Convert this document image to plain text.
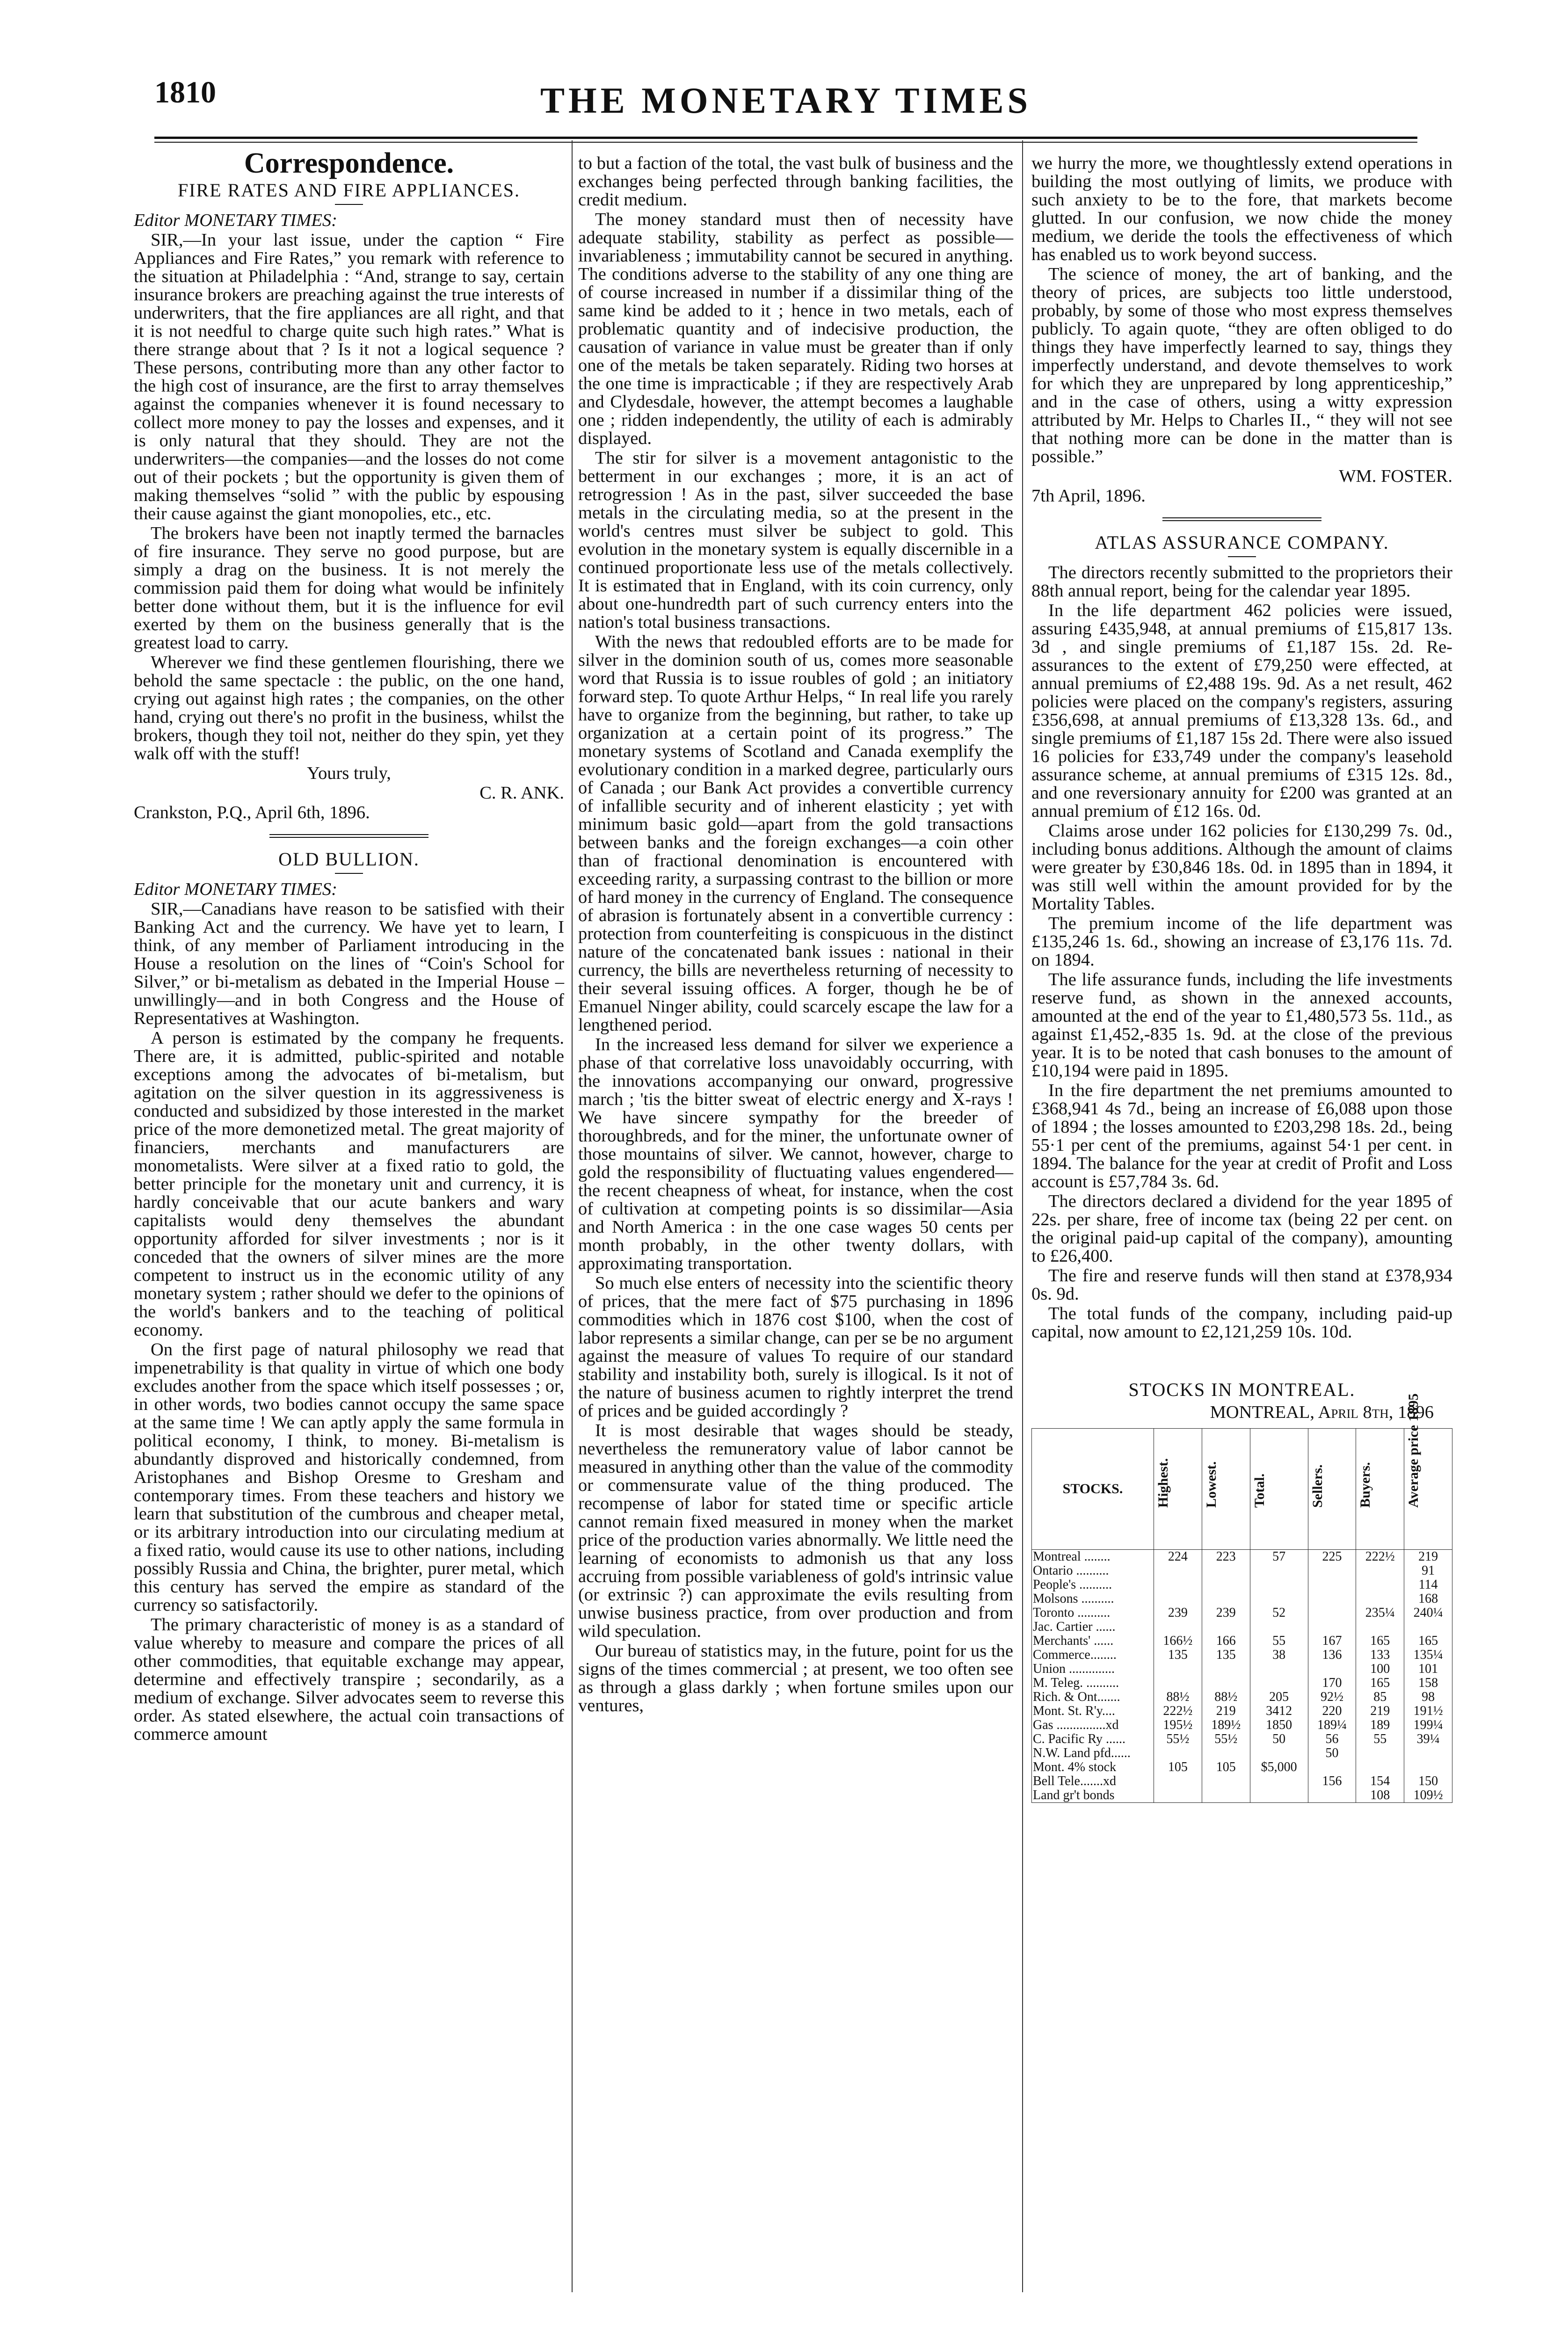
1810	THE MONETARY TIMES
Correspondence.
FIRE RATES AND FIRE APPLIANCES.

Editor MONETARY TIMES:

SIR,—In your last issue, under the caption “ Fire Appliances and Fire Rates,” you remark with reference to the situation at Philadelphia : “And, strange to say, certain insurance brokers are preaching against the true interests of underwriters, that the fire appliances are all right, and that it is not needful to charge quite such high rates.” What is there strange about that ? Is it not a logical sequence ? These persons, contributing more than any other factor to the high cost of insurance, are the first to array themselves against the companies whenever it is found necessary to collect more money to pay the losses and expenses, and it is only natural that they should. They are not the underwriters—the companies—and the losses do not come out of their pockets ; but the opportunity is given them of making themselves “solid ” with the public by espousing their cause against the giant monopolies, etc., etc.

The brokers have been not inaptly termed the barnacles of fire insurance. They serve no good purpose, but are simply a drag on the business. It is not merely the commission paid them for doing what would be infinitely better done without them, but it is the influence for evil exerted by them on the business generally that is the greatest load to carry.

Wherever we find these gentlemen flourishing, there we behold the same spectacle : the public, on the one hand, crying out against high rates ; the companies, on the other hand, crying out there's no profit in the business, whilst the brokers, though they toil not, neither do they spin, yet they walk off with the stuff!

Yours truly,

C. R. ANK.

Crankston, P.Q., April 6th, 1896.

OLD BULLION.

Editor MONETARY TIMES:

SIR,—Canadians have reason to be satisfied with their Banking Act and the currency. We have yet to learn, I think, of any member of Parliament introducing in the House a resolution on the lines of “Coin's School for Silver,” or bi-metalism as debated in the Imperial House – unwillingly—and in both Congress and the House of Representatives at Washington.

A person is estimated by the company he frequents. There are, it is admitted, public-spirited and notable exceptions among the advocates of bi-metalism, but agitation on the silver question in its aggressiveness is conducted and subsidized by those interested in the market price of the more demonetized metal. The great majority of financiers, merchants and manufacturers are monometalists. Were silver at a fixed ratio to gold, the better principle for the monetary unit and currency, it is hardly conceivable that our acute bankers and wary capitalists would deny themselves the abundant opportunity afforded for silver investments ; nor is it conceded that the owners of silver mines are the more competent to instruct us in the economic utility of any monetary system ; rather should we defer to the opinions of the world's bankers and to the teaching of political economy.

On the first page of natural philosophy we read that impenetrability is that quality in virtue of which one body excludes another from the space which itself possesses ; or, in other words, two bodies cannot occupy the same space at the same time ! We can aptly apply the same formula in political economy, I think, to money. Bi-metalism is abundantly disproved and historically condemned, from Aristophanes and Bishop Oresme to Gresham and contemporary times. From these teachers and history we learn that substitution of the cumbrous and cheaper metal, or its arbitrary introduction into our circulating medium at a fixed ratio, would cause its use to other nations, including possibly Russia and China, the brighter, purer metal, which this century has served the empire as standard of the currency so satisfactorily.

The primary characteristic of money is as a standard of value whereby to measure and compare the prices of all other commodities, that equitable exchange may appear, determine and effectively transpire ; secondarily, as a medium of exchange. Silver advocates seem to reverse this order. As stated elsewhere, the actual coin transactions of commerce amount

to but a faction of the total, the vast bulk of business and the exchanges being perfected through banking facilities, the credit medium.

The money standard must then of necessity have adequate stability, stability as perfect as possible—invariableness ; immutability cannot be secured in anything. The conditions adverse to the stability of any one thing are of course increased in number if a dissimilar thing of the same kind be added to it ; hence in two metals, each of problematic quantity and of indecisive production, the causation of variance in value must be greater than if only one of the metals be taken separately. Riding two horses at the one time is impracticable ; if they are respectively Arab and Clydesdale, however, the attempt becomes a laughable one ; ridden independently, the utility of each is admirably displayed.

The stir for silver is a movement antagonistic to the betterment in our exchanges ; more, it is an act of retrogression ! As in the past, silver succeeded the base metals in the circulating media, so at the present in the world's centres must silver be subject to gold. This evolution in the monetary system is equally discernible in a continued proportionate less use of the metals collectively. It is estimated that in England, with its coin currency, only about one-hundredth part of such currency enters into the nation's total business transactions.

With the news that redoubled efforts are to be made for silver in the dominion south of us, comes more seasonable word that Russia is to issue roubles of gold ; an initiatory forward step. To quote Arthur Helps, “ In real life you rarely have to organize from the beginning, but rather, to take up organization at a certain point of its progress.” The monetary systems of Scotland and Canada exemplify the evolutionary condition in a marked degree, particularly ours of Canada ; our Bank Act provides a convertible currency of infallible security and of inherent elasticity ; yet with minimum basic gold—apart from the gold transactions between banks and the foreign exchanges—a coin other than of fractional denomination is encountered with exceeding rarity, a surpassing contrast to the billion or more of hard money in the currency of England. The consequence of abrasion is fortunately absent in a convertible currency : protection from counterfeiting is conspicuous in the distinct nature of the concatenated bank issues : national in their currency, the bills are nevertheless returning of necessity to their several issuing offices. A forger, though he be of Emanuel Ninger ability, could scarcely escape the law for a lengthened period.

In the increased less demand for silver we experience a phase of that correlative loss unavoidably occurring, with the innovations accompanying our onward, progressive march ; 'tis the bitter sweat of electric energy and X-rays ! We have sincere sympathy for the breeder of thoroughbreds, and for the miner, the unfortunate owner of those mountains of silver. We cannot, however, charge to gold the responsibility of fluctuating values engendered—the recent cheapness of wheat, for instance, when the cost of cultivation at competing points is so dissimilar—Asia and North America : in the one case wages 50 cents per month probably, in the other twenty dollars, with approximating transportation.

So much else enters of necessity into the scientific theory of prices, that the mere fact of $75 purchasing in 1896 commodities which in 1876 cost $100, when the cost of labor represents a similar change, can per se be no argument against the measure of values To require of our standard stability and instability both, surely is illogical. Is it not of the nature of business acumen to rightly interpret the trend of prices and be guided accordingly ?

It is most desirable that wages should be steady, nevertheless the remuneratory value of labor cannot be measured in anything other than the value of the commodity or commensurate value of the thing produced. The recompense of labor for stated time or specific article cannot remain fixed measured in money when the market price of the production varies abnormally. We little need the learning of economists to admonish us that any loss accruing from possible variableness of gold's intrinsic value (or extrinsic ?) can approximate the evils resulting from unwise business practice, from over production and from wild speculation.

Our bureau of statistics may, in the future, point for us the signs of the times commercial ; at present, we too often see as through a glass darkly ; when fortune smiles upon our ventures,

we hurry the more, we thoughtlessly extend operations in building the most outlying of limits, we produce with such anxiety to be to the fore, that markets become glutted. In our confusion, we now chide the money medium, we deride the tools the effectiveness of which has enabled us to work beyond success.

The science of money, the art of banking, and the theory of prices, are subjects too little understood, probably, by some of those who most express themselves publicly. To again quote, “they are often obliged to do things they have imperfectly learned to say, things they imperfectly understand, and devote themselves to work for which they are unprepared by long apprenticeship,” and in the case of others, using a witty expression attributed by Mr. Helps to Charles II., “ they will not see that nothing more can be done in the matter than is possible.”

WM. FOSTER.

7th April, 1896.

ATLAS ASSURANCE COMPANY.

The directors recently submitted to the proprietors their 88th annual report, being for the calendar year 1895.

In the life department 462 policies were issued, assuring £435,948, at annual premiums of £15,817 13s. 3d , and single premiums of £1,187 15s. 2d. Re-assurances to the extent of £79,250 were effected, at annual premiums of £2,488 19s. 9d. As a net result, 462 policies were placed on the company's registers, assuring £356,698, at annual premiums of £13,328 13s. 6d., and single premiums of £1,187 15s 2d. There were also issued 16 policies for £33,749 under the company's leasehold assurance scheme, at annual premiums of £315 12s. 8d., and one reversionary annuity for £200 was granted at an annual premium of £12 16s. 0d.

Claims arose under 162 policies for £130,299 7s. 0d., including bonus additions. Although the amount of claims were greater by £30,846 18s. 0d. in 1895 than in 1894, it was still well within the amount provided for by the Mortality Tables.

The premium income of the life department was £135,246 1s. 6d., showing an increase of £3,176 11s. 7d. on 1894.

The life assurance funds, including the life investments reserve fund, as shown in the annexed accounts, amounted at the end of the year to £1,480,573 5s. 11d., as against £1,452,-835 1s. 9d. at the close of the previous year. It is to be noted that cash bonuses to the amount of £10,194 were paid in 1895.

In the fire department the net premiums amounted to £368,941 4s 7d., being an increase of £6,088 upon those of 1894 ; the losses amounted to £203,298 18s. 2d., being 55·1 per cent of the premiums, against 54·1 per cent. in 1894. The balance for the year at credit of Profit and Loss account is £57,784 3s. 6d.

The directors declared a dividend for the year 1895 of 22s. per share, free of income tax (being 22 per cent. on the original paid-up capital of the company), amounting to £26,400.

The fire and reserve funds will then stand at £378,934 0s. 9d.

The total funds of the company, including paid-up capital, now amount to £2,121,259 10s. 10d.

STOCKS IN MONTREAL.

MONTREAL, April 8th, 1896

STOCKS.	Highest.	Lowest.	Total.	Sellers.	Buyers.	Average price 1895
Montreal ........	224	223	57	225	222½	219
Ontario ..........						91
People's ..........						114
Molsons ..........						168
Toronto ..........	239	239	52		235¼	240¼
Jac. Cartier ......						
Merchants' ......	166½	166	55	167	165	165
Commerce........	135	135	38	136	133	135¼
Union ..............					100	101
M. Teleg. ..........				170	165	158
Rich. & Ont.......	88½	88½	205	92½	85	98
Mont. St. R'y....	222½	219	3412	220	219	191½
Gas ...............xd	195½	189½	1850	189¼	189	199¼
C. Pacific Ry ......	55½	55½	50	56	55	39¼
N.W. Land pfd......				50		
Mont. 4% stock	105	105	$5,000			
Bell Tele.......xd				156	154	150
Land gr't bonds					108	109½
